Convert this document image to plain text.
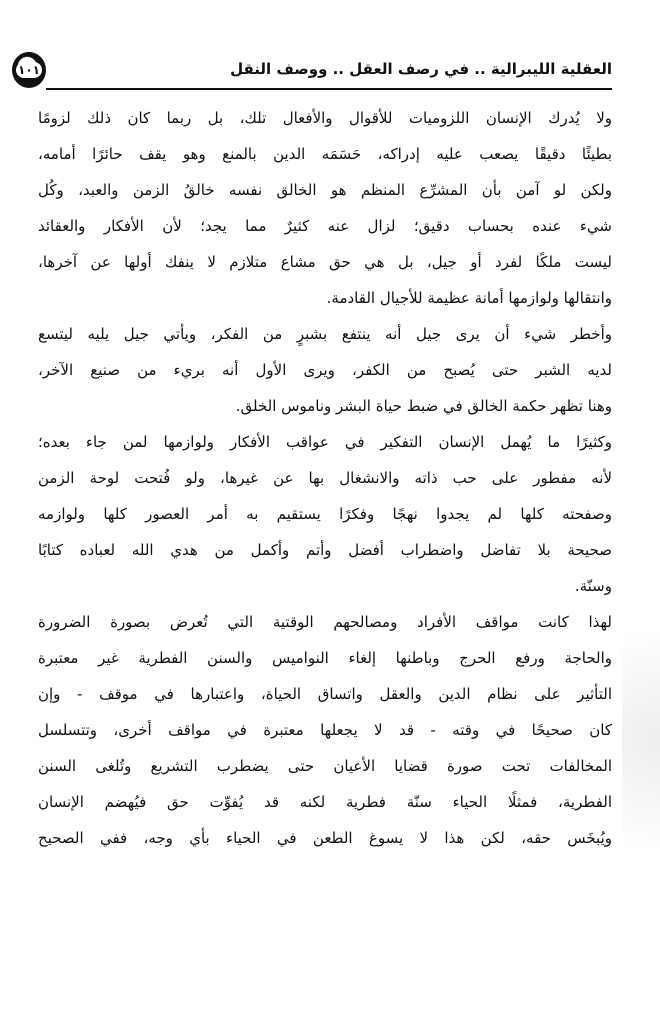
١٠١	العقلية الليبرالية .. في رصف العقل .. ووصف النقل
ولا يُدرك الإنسان اللزوميات للأقوال والأفعال تلك، بل ربما كان ذلك لزومًا
بطيئًا دقيقًا يصعب عليه إدراكه، حَسَمَه الدين بالمنع وهو يقف حائرًا أمامه،
ولكن لو آمن بأن المشرِّع المنظم هو الخالق نفسه خالقُ الزمن والعبد، وكُل
شيء عنده بحساب دقيق؛ لزال عنه كثيرٌ مما يجد؛ لأن الأفكار والعقائد
ليست ملكًا لفرد أو جيل، بل هي حق مشاع متلازم لا ينفك أولها عن آخرها،
وانتقالها ولوازمها أمانة عظيمة للأجيال القادمة.
وأخطر شيء أن يرى جيل أنه ينتفع بشبرٍ من الفكر، ويأتي جيل يليه ليتسع
لديه الشبر حتى يُصبح من الكفر، ويرى الأول أنه بريء من صنيع الآخر،
وهنا تظهر حكمة الخالق في ضبط حياة البشر وناموس الخلق.
وكثيرًا ما يُهمل الإنسان التفكير في عواقب الأفكار ولوازمها لمن جاء بعده؛
لأنه مفطور على حب ذاته والانشغال بها عن غيرها، ولو فُتحت لوحة الزمن
وصفحته كلها لم يجدوا نهجًا وفكرًا يستقيم به أمر العصور كلها ولوازمه
صحيحة بلا تفاضل واضطراب أفضل وأتم وأكمل من هدي الله لعباده كتابًا
وسنّة.
لهذا كانت مواقف الأفراد ومصالحهم الوقتية التي تُعرض بصورة الضرورة
والحاجة ورفع الحرج وباطنها إلغاء النواميس والسنن الفطرية غير معتبرة
التأثير على نظام الدين والعقل واتساق الحياة، واعتبارها في موقف - وإن
كان صحيحًا في وقته - قد لا يجعلها معتبرة في مواقف أخرى، وتتسلسل
المخالفات تحت صورة قضايا الأعيان حتى يضطرب التشريع وتُلغى السنن
الفطرية، فمثلًا الحياء سنّة فطرية لكنه قد يُفوِّت حق فيُهضم الإنسان
ويُبخَس حقه، لكن هذا لا يسوغ الطعن في الحياء بأي وجه، ففي الصحيح
